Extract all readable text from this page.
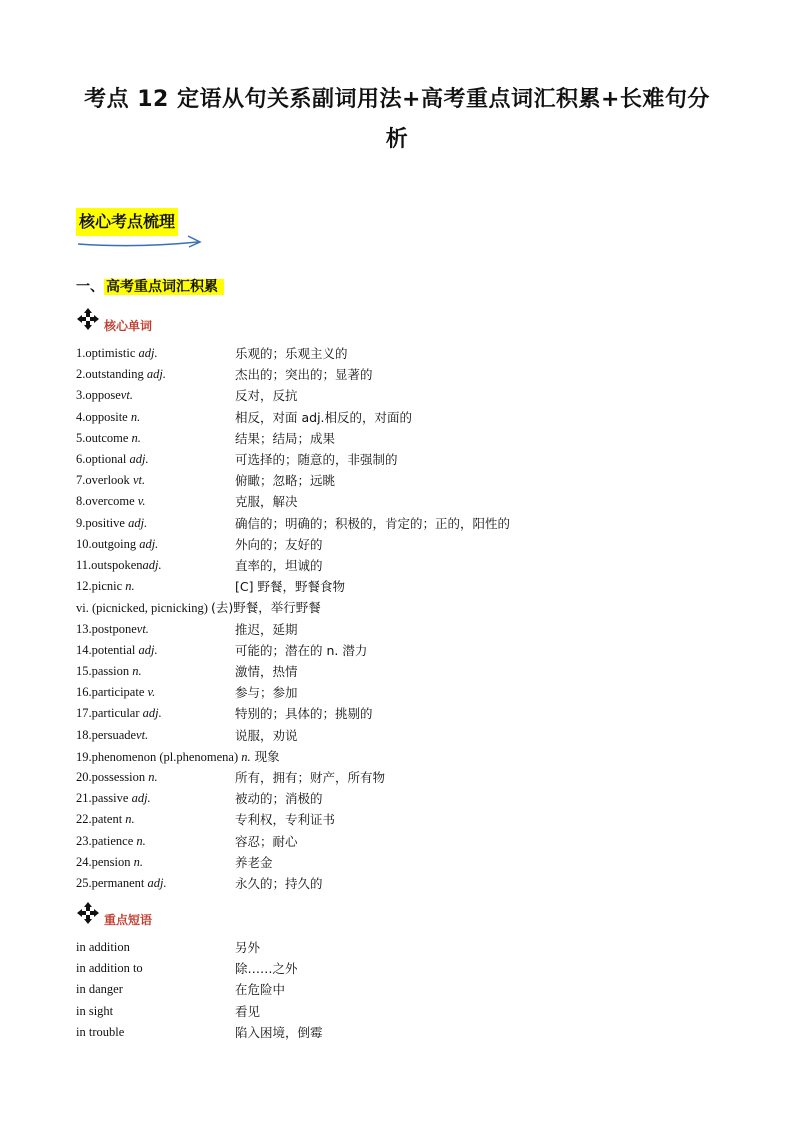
考点 12 定语从句关系副词用法+高考重点词汇积累+长难句分
析
核心考点梳理
一、 高考重点词汇积累
核心单词
1.optimistic adj.	乐观的；乐观主义的
2.outstanding adj.	杰出的；突出的；显著的
3.opposevt.	反对，反抗
4.opposite n.	相反，对面 adj.相反的，对面的
5.outcome n.	结果；结局；成果
6.optional adj.	可选择的；随意的，非强制的
7.overlook vt.	俯瞰；忽略；远眺
8.overcome v.	克服，解决
9.positive adj.	确信的；明确的；积极的，肯定的；正的，阳性的
10.outgoing adj.	外向的；友好的
11.outspokenadj.	直率的，坦诚的
12.picnic n.	[C] 野餐，野餐食物
vi. (picnicked, picnicking) (去)野餐，举行野餐
13.postponevt.	推迟，延期
14.potential adj.	可能的；潜在的 n. 潜力
15.passion n.	激情，热情
16.participate v.	参与；参加
17.particular adj.	特别的；具体的；挑剔的
18.persuadevt.	说服，劝说
19.phenomenon (pl.phenomena) n. 现象
20.possession n.	所有，拥有；财产，所有物
21.passive adj.	被动的；消极的
22.patent n.	专利权，专利证书
23.patience n.	容忍；耐心
24.pension n.	养老金
25.permanent adj.	永久的；持久的
重点短语
in addition	另外
in addition to	除……之外
in danger	在危险中
in sight	看见
in trouble	陷入困境，倒霉
